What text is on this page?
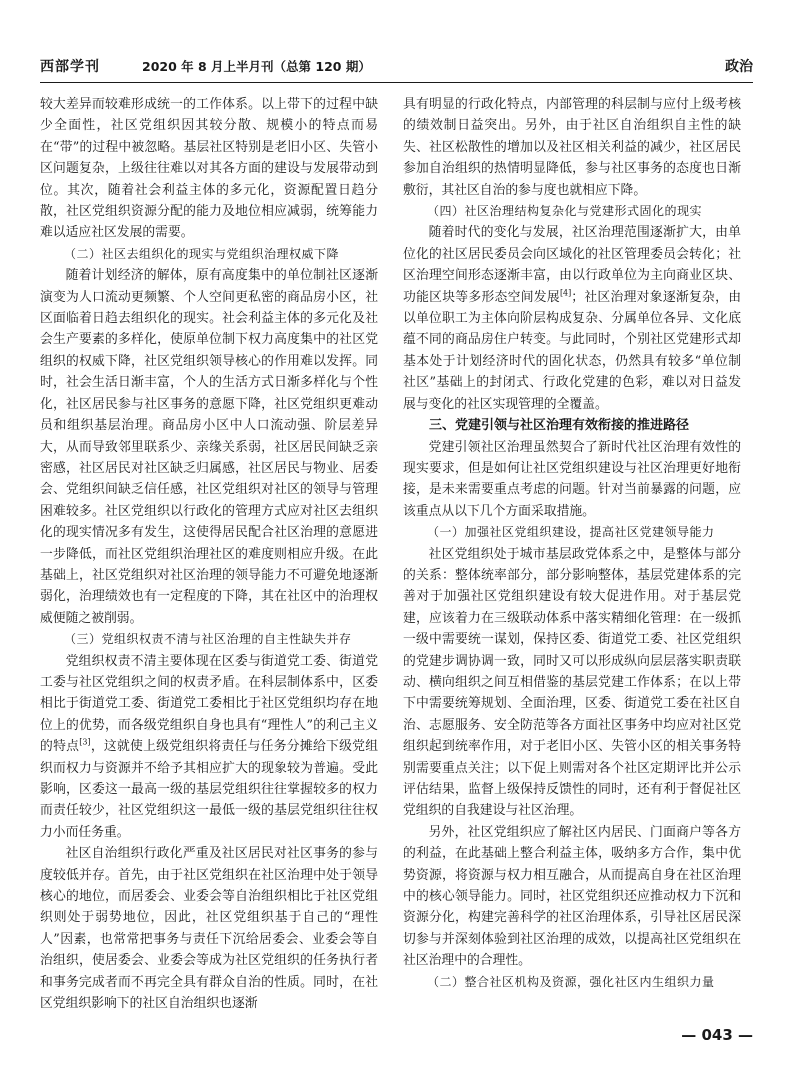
西部学刊	2020 年 8 月上半月刊（总第 120 期）	政治

较大差异而较难形成统一的工作体系。以上带下的过程中缺少全面性，社区党组织因其较分散、规模小的特点而易在“带”的过程中被忽略。基层社区特别是老旧小区、失管小区问题复杂，上级往往难以对其各方面的建设与发展带动到位。其次，随着社会利益主体的多元化，资源配置日趋分散，社区党组织资源分配的能力及地位相应减弱，统筹能力难以适应社区发展的需要。

（二）社区去组织化的现实与党组织治理权威下降

随着计划经济的解体，原有高度集中的单位制社区逐渐演变为人口流动更频繁、个人空间更私密的商品房小区，社区面临着日趋去组织化的现实。社会利益主体的多元化及社会生产要素的多样化，使原单位制下权力高度集中的社区党组织的权威下降，社区党组织领导核心的作用难以发挥。同时，社会生活日渐丰富，个人的生活方式日渐多样化与个性化，社区居民参与社区事务的意愿下降，社区党组织更难动员和组织基层治理。商品房小区中人口流动强、阶层差异大，从而导致邻里联系少、亲缘关系弱，社区居民间缺乏亲密感，社区居民对社区缺乏归属感，社区居民与物业、居委会、党组织间缺乏信任感，社区党组织对社区的领导与管理困难较多。社区党组织以行政化的管理方式应对社区去组织化的现实情况多有发生，这使得居民配合社区治理的意愿进一步降低，而社区党组织治理社区的难度则相应升级。在此基础上，社区党组织对社区治理的领导能力不可避免地逐渐弱化，治理绩效也有一定程度的下降，其在社区中的治理权威便随之被削弱。

（三）党组织权责不清与社区治理的自主性缺失并存

党组织权责不清主要体现在区委与街道党工委、街道党工委与社区党组织之间的权责矛盾。在科层制体系中，区委相比于街道党工委、街道党工委相比于社区党组织均存在地位上的优势，而各级党组织自身也具有“理性人”的利己主义的特点[3]，这就使上级党组织将责任与任务分摊给下级党组织而权力与资源并不给予其相应扩大的现象较为普遍。受此影响，区委这一最高一级的基层党组织往往掌握较多的权力而责任较少，社区党组织这一最低一级的基层党组织往往权力小而任务重。

社区自治组织行政化严重及社区居民对社区事务的参与度较低并存。首先，由于社区党组织在社区治理中处于领导核心的地位，而居委会、业委会等自治组织相比于社区党组织则处于弱势地位，因此，社区党组织基于自己的“理性人”因素，也常常把事务与责任下沉给居委会、业委会等自治组织，使居委会、业委会等成为社区党组织的任务执行者和事务完成者而不再完全具有群众自治的性质。同时，在社区党组织影响下的社区自治组织也逐渐

具有明显的行政化特点，内部管理的科层制与应付上级考核的绩效制日益突出。另外，由于社区自治组织自主性的缺失、社区松散性的增加以及社区相关利益的减少，社区居民参加自治组织的热情明显降低，参与社区事务的态度也日渐敷衍，其社区自治的参与度也就相应下降。

（四）社区治理结构复杂化与党建形式固化的现实

随着时代的变化与发展，社区治理范围逐渐扩大，由单位化的社区居民委员会向区域化的社区管理委员会转化；社区治理空间形态逐渐丰富，由以行政单位为主向商业区块、功能区块等多形态空间发展[4]；社区治理对象逐渐复杂，由以单位职工为主体向阶层构成复杂、分属单位各异、文化底蕴不同的商品房住户转变。与此同时，个别社区党建形式却基本处于计划经济时代的固化状态，仍然具有较多“单位制社区”基础上的封闭式、行政化党建的色彩，难以对日益发展与变化的社区实现管理的全覆盖。

三、党建引领与社区治理有效衔接的推进路径

党建引领社区治理虽然契合了新时代社区治理有效性的现实要求，但是如何让社区党组织建设与社区治理更好地衔接，是未来需要重点考虑的问题。针对当前暴露的问题，应该重点从以下几个方面采取措施。

（一）加强社区党组织建设，提高社区党建领导能力

社区党组织处于城市基层政党体系之中，是整体与部分的关系：整体统率部分，部分影响整体，基层党建体系的完善对于加强社区党组织建设有较大促进作用。对于基层党建，应该着力在三级联动体系中落实精细化管理：在一级抓一级中需要统一谋划，保持区委、街道党工委、社区党组织的党建步调协调一致，同时又可以形成纵向层层落实职责联动、横向组织之间互相借鉴的基层党建工作体系；在以上带下中需要统筹规划、全面治理，区委、街道党工委在社区自治、志愿服务、安全防范等各方面社区事务中均应对社区党组织起到统率作用，对于老旧小区、失管小区的相关事务特别需要重点关注；以下促上则需对各个社区定期评比并公示评估结果，监督上级保持反馈性的同时，还有利于督促社区党组织的自我建设与社区治理。

另外，社区党组织应了解社区内居民、门面商户等各方的利益，在此基础上整合利益主体，吸纳多方合作，集中优势资源，将资源与权力相互融合，从而提高自身在社区治理中的核心领导能力。同时，社区党组织还应推动权力下沉和资源分化，构建完善科学的社区治理体系，引导社区居民深切参与并深刻体验到社区治理的成效，以提高社区党组织在社区治理中的合理性。

（二）整合社区机构及资源，强化社区内生组织力量
— 043 —
